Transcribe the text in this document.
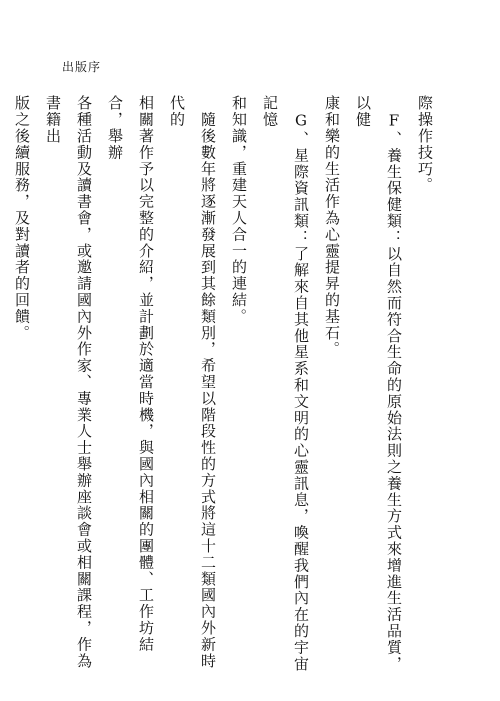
出版序
際操作技巧。
　F、養生保健類：以自然而符合生命的原始法則之養生方式來增進生活品質，以健
康和樂的生活作為心靈提昇的基石。
　G、星際資訊類：了解來自其他星系和文明的心靈訊息，喚醒我們內在的宇宙記憶
和知識，重建天人合一的連結。
　隨後數年將逐漸發展到其餘類別，希望以階段性的方式將這十二類國內外新時代的
相關著作予以完整的介紹，並計劃於適當時機，與國內相關的團體、工作坊結合，舉辦
各種活動及讀書會，或邀請國內外作家、專業人士舉辦座談會或相關課程，作為書籍出
版之後續服務，及對讀者的回饋。
